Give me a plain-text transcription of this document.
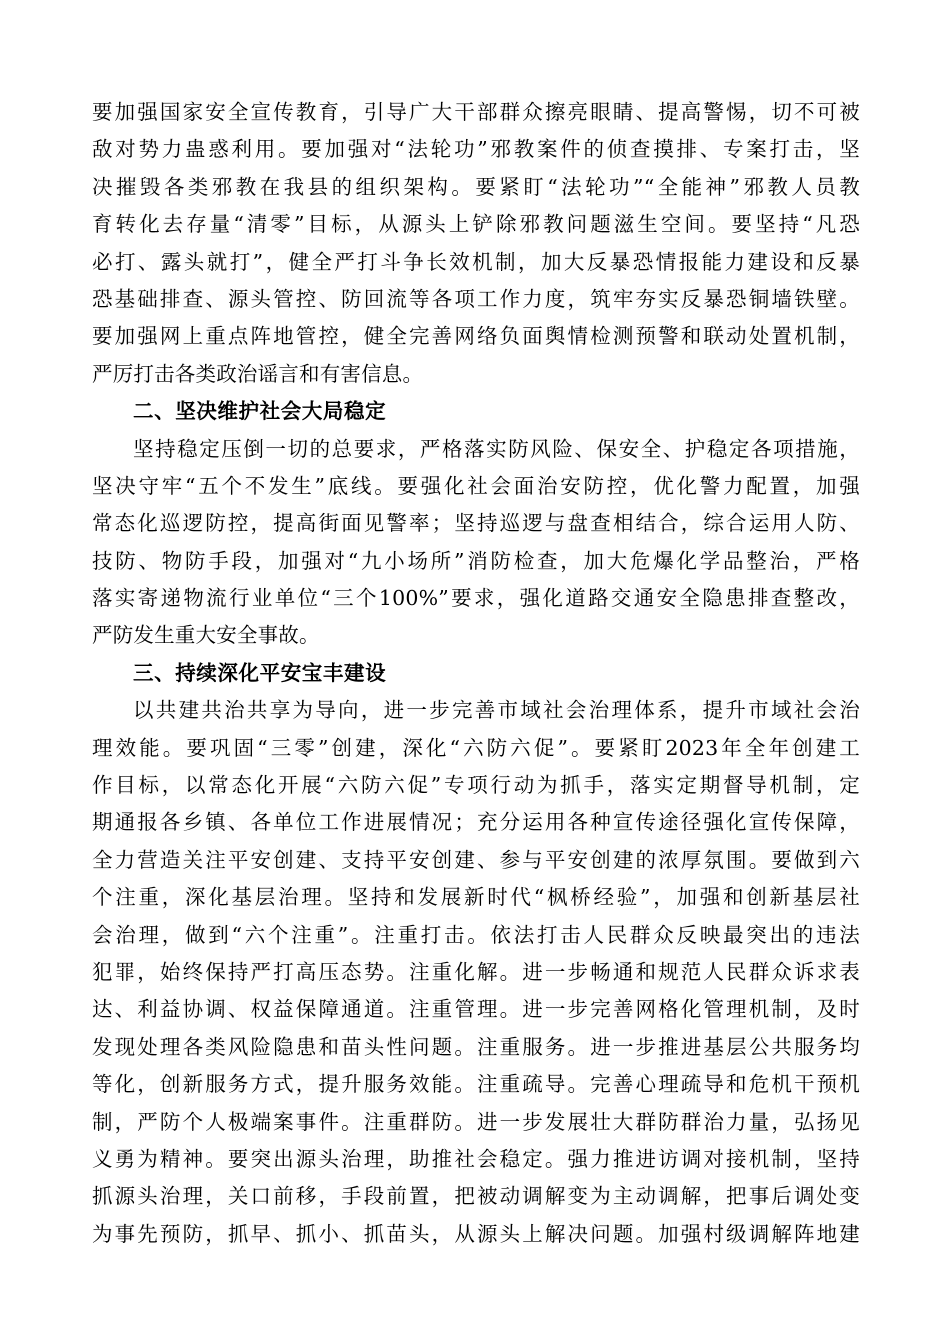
要加强国家安全宣传教育，引导广大干部群众擦亮眼睛、提高警惕，切不可被
敌对势力蛊惑利用。要加强对“法轮功”邪教案件的侦查摸排、专案打击，坚
决摧毁各类邪教在我县的组织架构。要紧盯“法轮功”“全能神”邪教人员教
育转化去存量“清零”目标，从源头上铲除邪教问题滋生空间。要坚持“凡恐
必打、露头就打”，健全严打斗争长效机制，加大反暴恐情报能力建设和反暴
恐基础排查、源头管控、防回流等各项工作力度，筑牢夯实反暴恐铜墙铁壁。
要加强网上重点阵地管控，健全完善网络负面舆情检测预警和联动处置机制，
严厉打击各类政治谣言和有害信息。
二、坚决维护社会大局稳定
坚持稳定压倒一切的总要求，严格落实防风险、保安全、护稳定各项措施，
坚决守牢“五个不发生”底线。要强化社会面治安防控，优化警力配置，加强
常态化巡逻防控，提高街面见警率；坚持巡逻与盘查相结合，综合运用人防、
技防、物防手段，加强对“九小场所”消防检查，加大危爆化学品整治，严格
落实寄递物流行业单位“三个100%”要求，强化道路交通安全隐患排查整改，
严防发生重大安全事故。
三、持续深化平安宝丰建设
以共建共治共享为导向，进一步完善市域社会治理体系，提升市域社会治
理效能。要巩固“三零”创建，深化“六防六促”。要紧盯2023年全年创建工
作目标，以常态化开展“六防六促”专项行动为抓手，落实定期督导机制，定
期通报各乡镇、各单位工作进展情况；充分运用各种宣传途径强化宣传保障，
全力营造关注平安创建、支持平安创建、参与平安创建的浓厚氛围。要做到六
个注重，深化基层治理。坚持和发展新时代“枫桥经验”，加强和创新基层社
会治理，做到“六个注重”。注重打击。依法打击人民群众反映最突出的违法
犯罪，始终保持严打高压态势。注重化解。进一步畅通和规范人民群众诉求表
达、利益协调、权益保障通道。注重管理。进一步完善网格化管理机制，及时
发现处理各类风险隐患和苗头性问题。注重服务。进一步推进基层公共服务均
等化，创新服务方式，提升服务效能。注重疏导。完善心理疏导和危机干预机
制，严防个人极端案事件。注重群防。进一步发展壮大群防群治力量，弘扬见
义勇为精神。要突出源头治理，助推社会稳定。强力推进访调对接机制，坚持
抓源头治理，关口前移，手段前置，把被动调解变为主动调解，把事后调处变
为事先预防，抓早、抓小、抓苗头，从源头上解决问题。加强村级调解阵地建
